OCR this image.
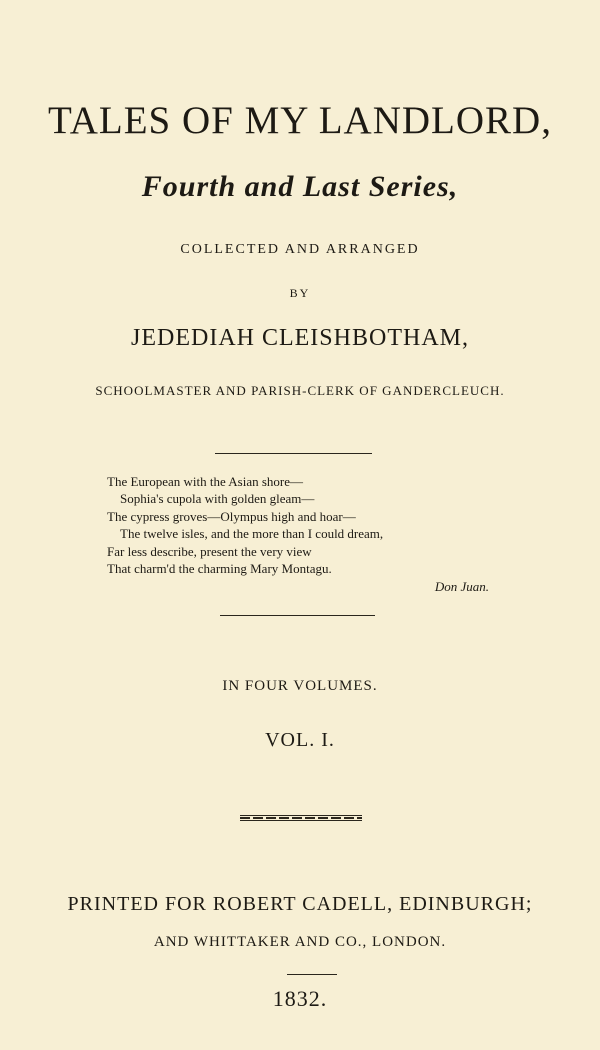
TALES OF MY LANDLORD,
Fourth and Last Series,
COLLECTED AND ARRANGED
BY
JEDEDIAH CLEISHBOTHAM,
SCHOOLMASTER AND PARISH-CLERK OF GANDERCLEUCH.
The European with the Asian shore—
Sophia's cupola with golden gleam—
The cypress groves—Olympus high and hoar—
The twelve isles, and the more than I could dream,
Far less describe, present the very view
That charm'd the charming Mary Montagu.
Don Juan.
IN FOUR VOLUMES.
VOL. I.
PRINTED FOR ROBERT CADELL, EDINBURGH;
AND WHITTAKER AND CO., LONDON.
1832.
